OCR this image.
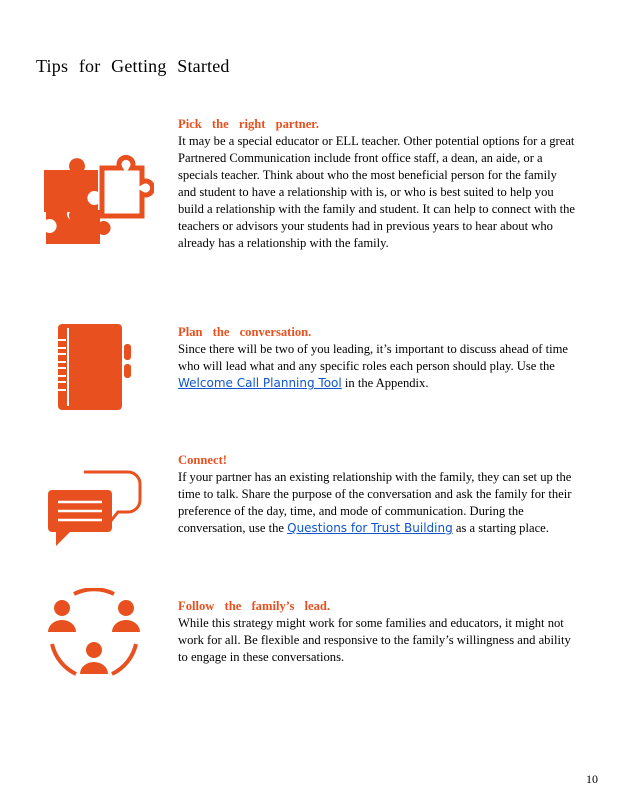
Tips for Getting Started
Pick the right partner.
It may be a special educator or ELL teacher. Other potential options for a great Partnered Communication include front office staff, a dean, an aide, or a specials teacher. Think about who the most beneficial person for the family and student to have a relationship with is, or who is best suited to help you build a relationship with the family and student. It can help to connect with the teachers or advisors your students had in previous years to hear about who already has a relationship with the family.
Plan the conversation.
Since there will be two of you leading, it’s important to discuss ahead of time who will lead what and any specific roles each person should play. Use the Welcome Call Planning Tool in the Appendix.
Connect!
If your partner has an existing relationship with the family, they can set up the time to talk. Share the purpose of the conversation and ask the family for their preference of the day, time, and mode of communication. During the conversation, use the Questions for Trust Building as a starting place.
Follow the family’s lead.
While this strategy might work for some families and educators, it might not work for all. Be flexible and responsive to the family’s willingness and ability to engage in these conversations.
10
